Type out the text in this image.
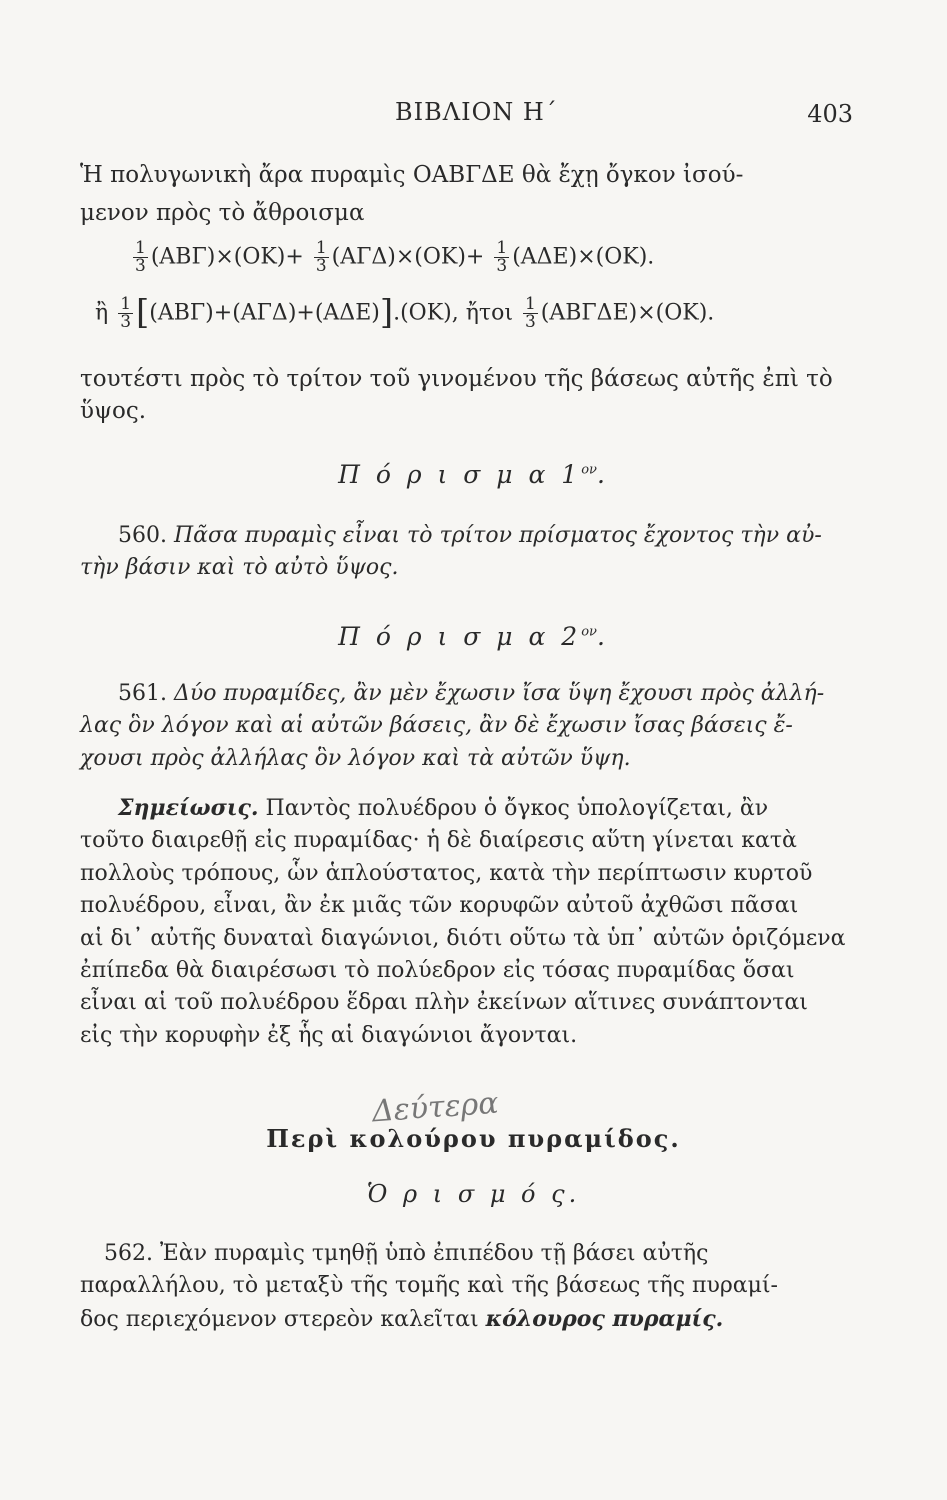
ΒΙΒΛΙΟΝ Η΄	403
Ἡ πολυγωνικὴ ἄρα πυραμὶς ΟΑΒΓΔΕ θὰ ἔχῃ ὄγκον ἰσού-
μενον πρὸς τὸ ἄθροισμα
$\frac{1}{3} (AB\Gamma)\times(OK)+ \frac{1}{3} (A\Gamma\Delta)\times(OK)+ \frac{1}{3} (A\Delta E)\times(OK)$.
ἢ $\frac{1}{3} [(AB\Gamma)+(A\Gamma\Delta)+(A\Delta E)].(OK)$, ἤτοι $\frac{1}{3} (AB\Gamma\Delta E)\times(OK)$.
τουτέστι πρὸς τὸ τρίτον τοῦ γινομένου τῆς βάσεως αὐτῆς ἐπὶ τὸ
ὕψος.
Π ό ρ ι σ μ α $1^{o\nu}$.
560. Πᾶσα πυραμὶς εἶναι τὸ τρίτον πρίσματος ἔχοντος τὴν αὐ-
τὴν βάσιν καὶ τὸ αὐτὸ ὕψος.
Π ό ρ ι σ μ α $2^{o\nu}$.
561. Δύο πυραμίδες, ἂν μὲν ἔχωσιν ἴσα ὕψη ἔχουσι πρὸς ἀλλή-
λας ὃν λόγον καὶ αἱ αὐτῶν βάσεις, ἂν δὲ ἔχωσιν ἴσας βάσεις ἔ-
χουσι πρὸς ἀλλήλας ὃν λόγον καὶ τὰ αὐτῶν ὕψη.
Σημείωσις. Παντὸς πολυέδρου ὁ ὄγκος ὑπολογίζεται, ἂν
τοῦτο διαιρεθῇ εἰς πυραμίδας· ἡ δὲ διαίρεσις αὕτη γίνεται κατὰ
πολλοὺς τρόπους, ὧν ἁπλούστατος, κατὰ τὴν περίπτωσιν κυρτοῦ
πολυέδρου, εἶναι, ἂν ἐκ μιᾶς τῶν κορυφῶν αὐτοῦ ἀχθῶσι πᾶσαι
αἱ δι᾿ αὐτῆς δυναταὶ διαγώνιοι, διότι οὕτω τὰ ὑπ᾿ αὐτῶν ὁριζόμενα
ἐπίπεδα θὰ διαιρέσωσι τὸ πολύεδρον εἰς τόσας πυραμίδας ὅσαι
εἶναι αἱ τοῦ πολυέδρου ἕδραι πλὴν ἐκείνων αἵτινες συνάπτονται
εἰς τὴν κορυφὴν ἐξ ἧς αἱ διαγώνιοι ἄγονται.
Δεύτερα
Περὶ κολούρου πυραμίδος.
Ὁ ρ ι σ μ ό ς.
562. Ἐὰν πυραμὶς τμηθῇ ὑπὸ ἐπιπέδου τῇ βάσει αὐτῆς
παραλλήλου, τὸ μεταξὺ τῆς τομῆς καὶ τῆς βάσεως τῆς πυραμί-
δος περιεχόμενον στερεὸν καλεῖται κόλουρος πυραμίς.
